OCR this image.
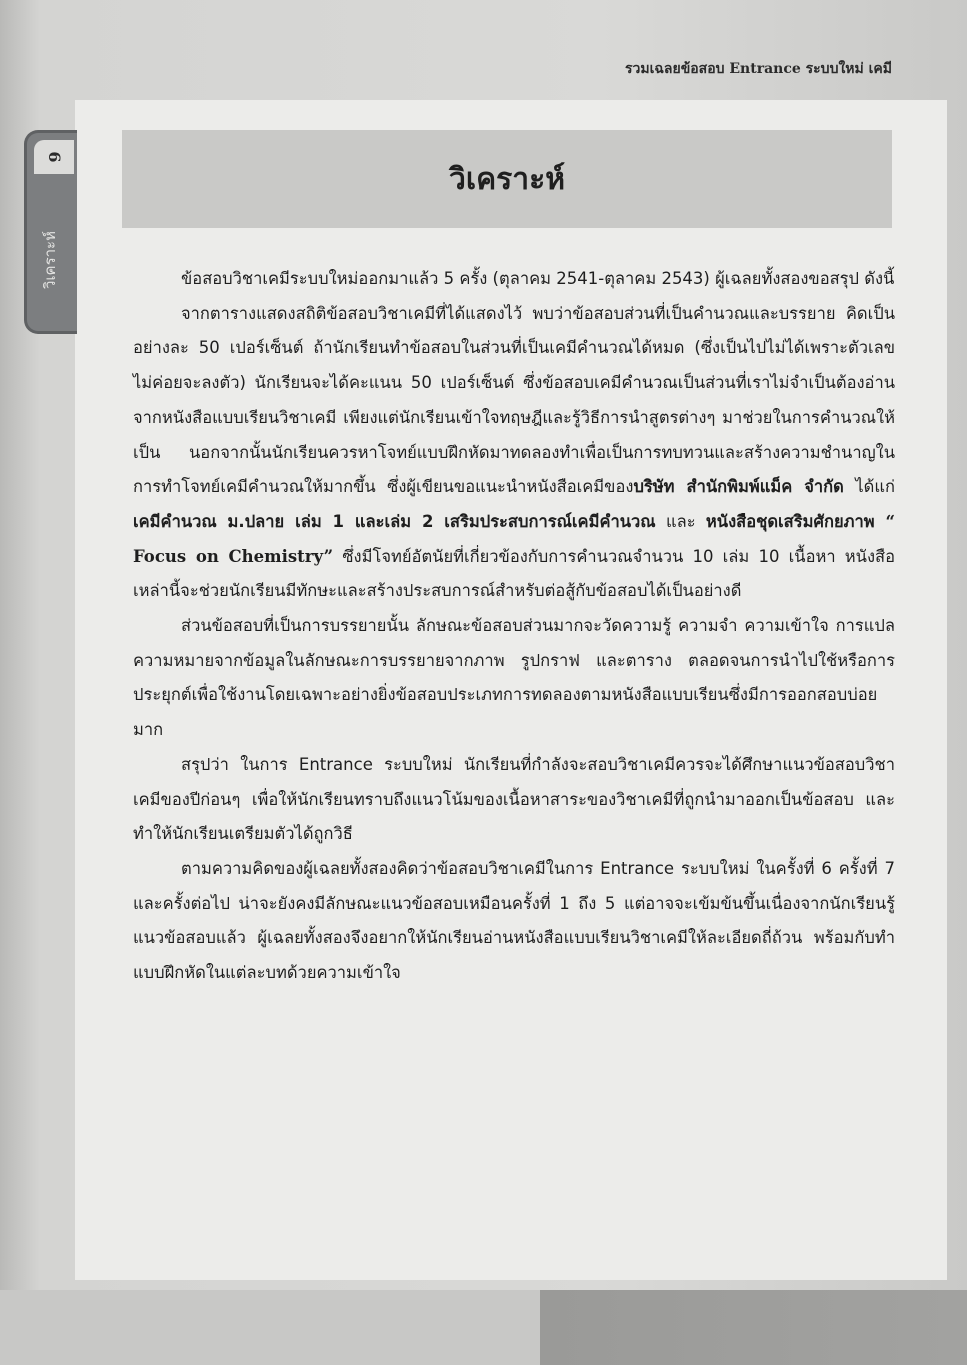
รวมเฉลยข้อสอบ Entrance ระบบใหม่ เคมี
6
วิเคราะห์
วิเคราะห์

ข้อสอบวิชาเคมีระบบใหม่ออกมาแล้ว 5 ครั้ง (ตุลาคม 2541-ตุลาคม 2543) ผู้เฉลยทั้งสองขอสรุป ดังนี้

จากตารางแสดงสถิติข้อสอบวิชาเคมีที่ได้แสดงไว้ พบว่าข้อสอบส่วนที่เป็นคำนวณและบรรยาย คิดเป็นอย่างละ 50 เปอร์เซ็นต์ ถ้านักเรียนทำข้อสอบในส่วนที่เป็นเคมีคำนวณได้หมด (ซึ่งเป็นไปไม่ได้เพราะตัวเลขไม่ค่อยจะลงตัว) นักเรียนจะได้คะแนน 50 เปอร์เซ็นต์ ซึ่งข้อสอบเคมีคำนวณเป็นส่วนที่เราไม่จำเป็นต้องอ่านจากหนังสือแบบเรียนวิชาเคมี เพียงแต่นักเรียนเข้าใจทฤษฎีและรู้วิธีการนำสูตรต่างๆ มาช่วยในการคำนวณให้เป็น นอกจากนั้นนักเรียนควรหาโจทย์แบบฝึกหัดมาทดลองทำเพื่อเป็นการทบทวนและสร้างความชำนาญในการทำโจทย์เคมีคำนวณให้มากขึ้น ซึ่งผู้เขียนขอแนะนำหนังสือเคมีของบริษัท สำนักพิมพ์แม็ค จำกัด ได้แก่ เคมีคำนวณ ม.ปลาย เล่ม 1 และเล่ม 2 เสริมประสบการณ์เคมีคำนวณ และ หนังสือชุดเสริมศักยภาพ “ Focus on Chemistry” ซึ่งมีโจทย์อัตนัยที่เกี่ยวข้องกับการคำนวณจำนวน 10 เล่ม 10 เนื้อหา หนังสือเหล่านี้จะช่วยนักเรียนมีทักษะและสร้างประสบการณ์สำหรับต่อสู้กับข้อสอบได้เป็นอย่างดี

ส่วนข้อสอบที่เป็นการบรรยายนั้น ลักษณะข้อสอบส่วนมากจะวัดความรู้ ความจำ ความเข้าใจ การแปลความหมายจากข้อมูลในลักษณะการบรรยายจากภาพ รูปกราฟ และตาราง ตลอดจนการนำไปใช้หรือการประยุกต์เพื่อใช้งานโดยเฉพาะอย่างยิ่งข้อสอบประเภทการทดลองตามหนังสือแบบเรียนซึ่งมีการออกสอบบ่อยมาก

สรุปว่า ในการ Entrance ระบบใหม่ นักเรียนที่กำลังจะสอบวิชาเคมีควรจะได้ศึกษาแนวข้อสอบวิชาเคมีของปีก่อนๆ เพื่อให้นักเรียนทราบถึงแนวโน้มของเนื้อหาสาระของวิชาเคมีที่ถูกนำมาออกเป็นข้อสอบ และทำให้นักเรียนเตรียมตัวได้ถูกวิธี

ตามความคิดของผู้เฉลยทั้งสองคิดว่าข้อสอบวิชาเคมีในการ Entrance ระบบใหม่ ในครั้งที่ 6 ครั้งที่ 7 และครั้งต่อไป น่าจะยังคงมีลักษณะแนวข้อสอบเหมือนครั้งที่ 1 ถึง 5 แต่อาจจะเข้มข้นขึ้นเนื่องจากนักเรียนรู้แนวข้อสอบแล้ว ผู้เฉลยทั้งสองจึงอยากให้นักเรียนอ่านหนังสือแบบเรียนวิชาเคมีให้ละเอียดถี่ถ้วน พร้อมกับทำแบบฝึกหัดในแต่ละบทด้วยความเข้าใจ
